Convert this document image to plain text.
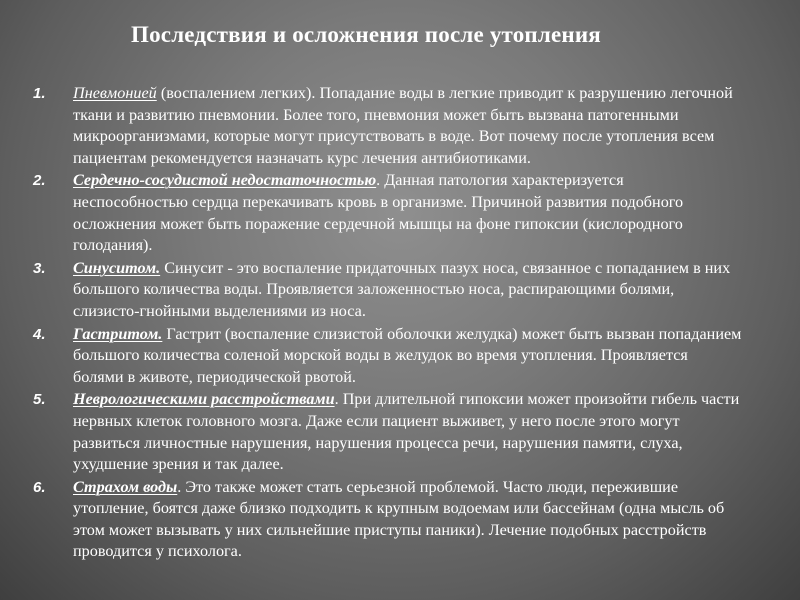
Последствия и осложнения после утопления
1. Пневмонией (воспалением легких). Попадание воды в легкие приводит к разрушению легочной ткани и развитию пневмонии. Более того, пневмония может быть вызвана патогенными микроорганизмами, которые могут присутствовать в воде. Вот почему после утопления всем пациентам рекомендуется назначать курс лечения антибиотиками.
2. Сердечно-сосудистой недостаточностью. Данная патология характеризуется неспособностью сердца перекачивать кровь в организме. Причиной развития подобного осложнения может быть поражение сердечной мышцы на фоне гипоксии (кислородного голодания).
3. Синуситом. Синусит - это воспаление придаточных пазух носа, связанное с попаданием в них большого количества воды. Проявляется заложенностью носа, распирающими болями, слизисто-гнойными выделениями из носа.
4. Гастритом. Гастрит (воспаление слизистой оболочки желудка) может быть вызван попаданием большого количества соленой морской воды в желудок во время утопления. Проявляется болями в животе, периодической рвотой.
5. Неврологическими расстройствами. При длительной гипоксии может произойти гибель части нервных клеток головного мозга. Даже если пациент выживет, у него после этого могут развиться личностные нарушения, нарушения процесса речи, нарушения памяти, слуха, ухудшение зрения и так далее.
6. Страхом воды. Это также может стать серьезной проблемой. Часто люди, пережившие утопление, боятся даже близко подходить к крупным водоемам или бассейнам (одна мысль об этом может вызывать у них сильнейшие приступы паники). Лечение подобных расстройств проводится у психолога.
